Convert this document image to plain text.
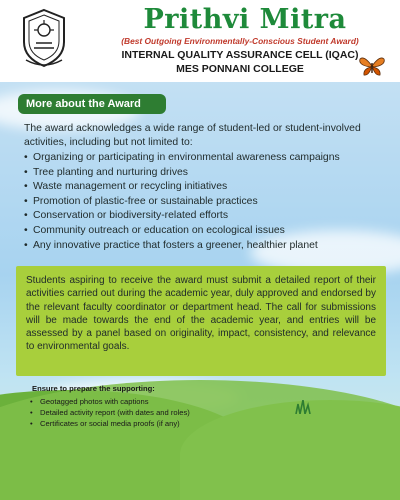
Prithvi Mitra
(Best Outgoing Environmentally-Conscious Student Award)
INTERNAL QUALITY ASSURANCE CELL (IQAC)
MES PONNANI COLLEGE
More about the Award
The award acknowledges a wide range of student-led or student-involved activities, including but not limited to:
• Organizing or participating in environmental awareness campaigns
• Tree planting and nurturing drives
• Waste management or recycling initiatives
• Promotion of plastic-free or sustainable practices
• Conservation or biodiversity-related efforts
• Community outreach or education on ecological issues
• Any innovative practice that fosters a greener, healthier planet

Students aspiring to receive the award must submit a detailed report of their activities carried out during the academic year, duly approved and endorsed by the relevant faculty coordinator or department head. The call for submissions will be made towards the end of the academic year, and entries will be assessed by a panel based on originality, impact, consistency, and relevance to environmental goals.

Ensure to prepare the supporting:
• Geotagged photos with captions
• Detailed activity report (with dates and roles)
• Certificates or social media proofs (if any)
